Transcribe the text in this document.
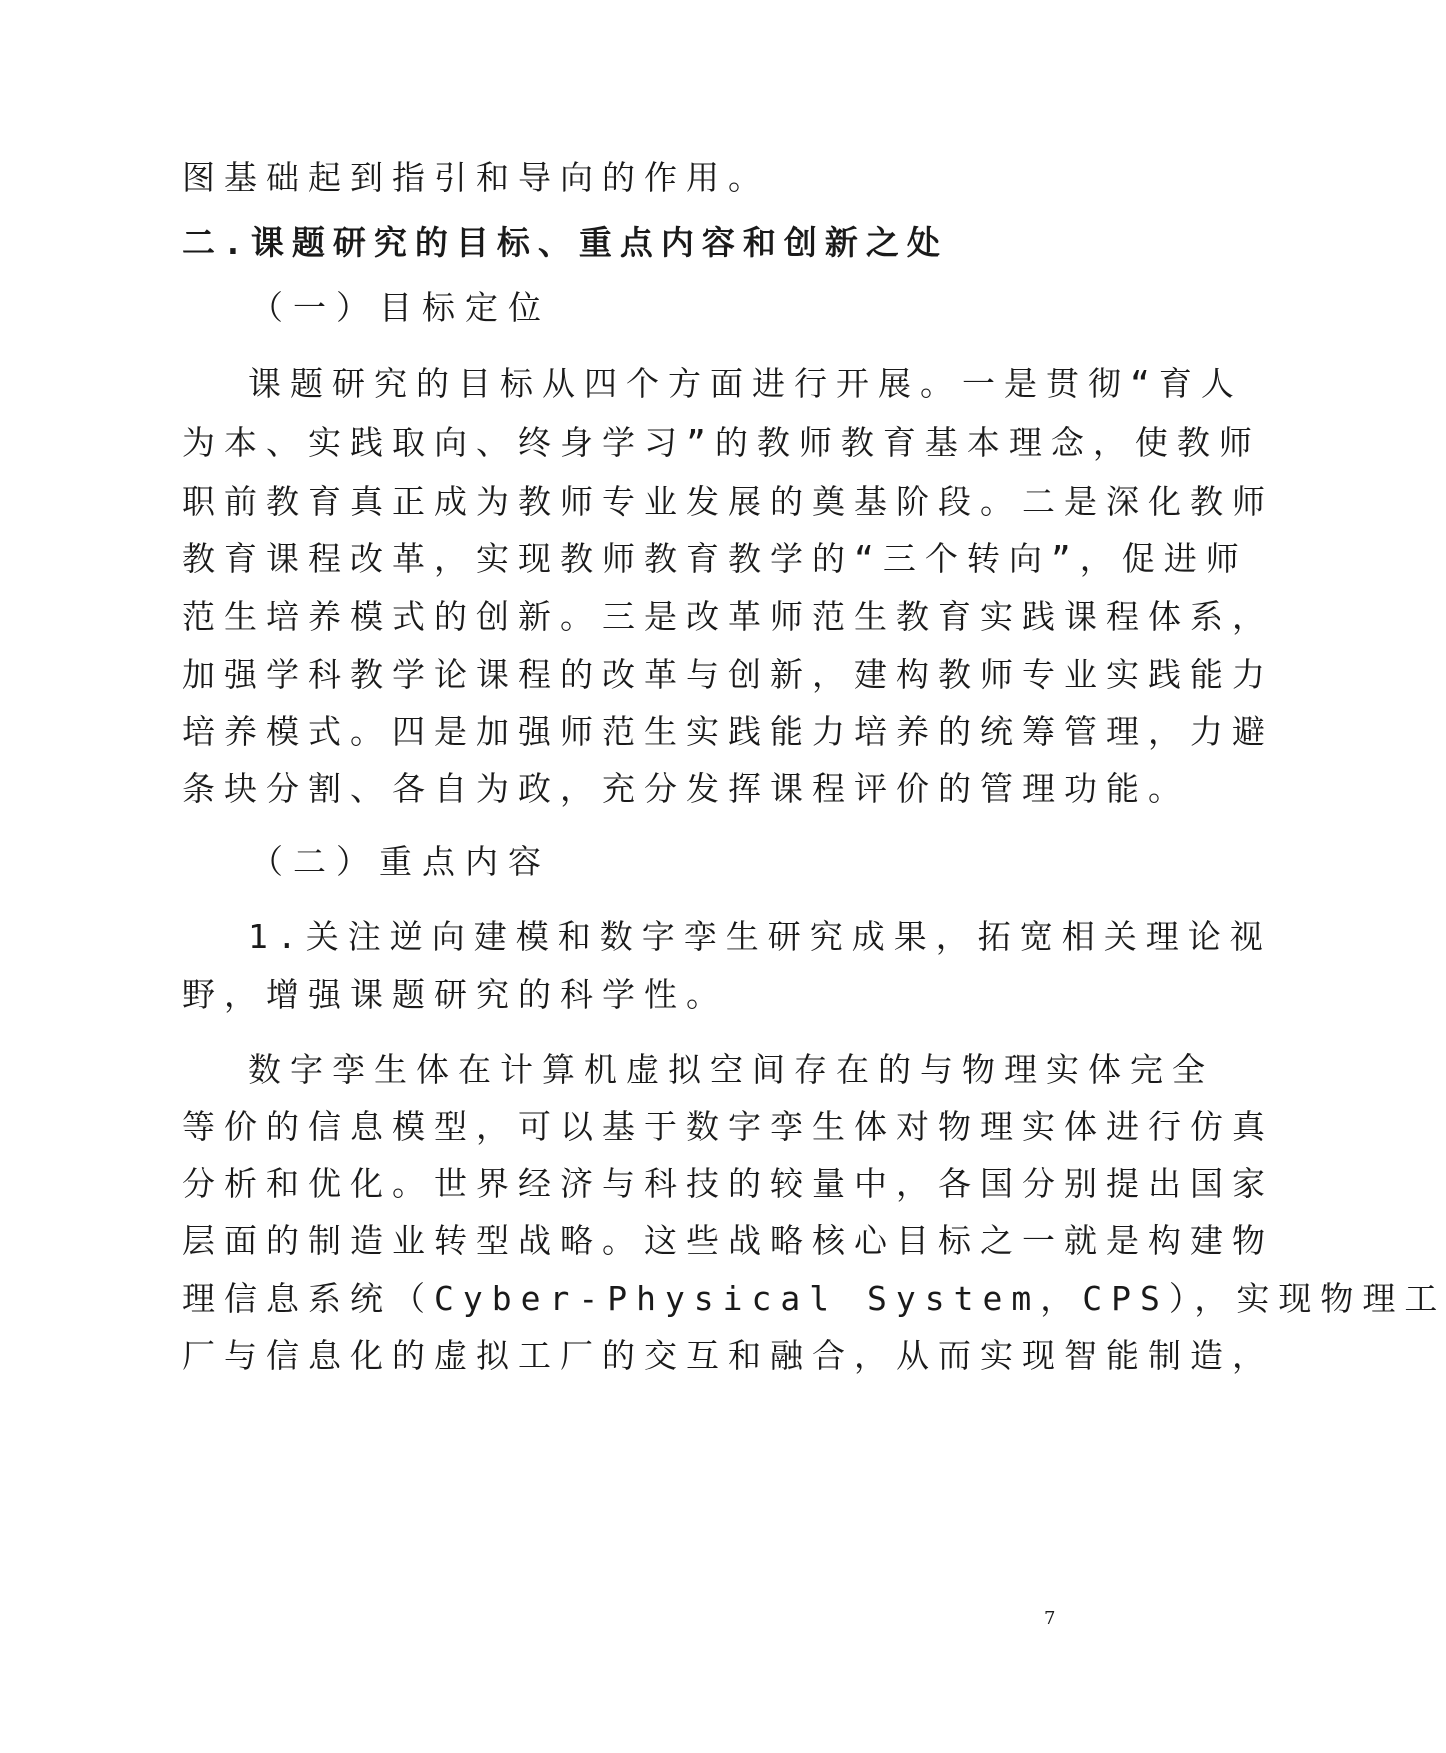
图基础起到指引和导向的作用。

二.课题研究的目标、重点内容和创新之处

（一）目标定位

课题研究的目标从四个方面进行开展。一是贯彻“育人

为本、实践取向、终身学习”的教师教育基本理念，使教师

职前教育真正成为教师专业发展的奠基阶段。二是深化教师

教育课程改革，实现教师教育教学的“三个转向”，促进师

范生培养模式的创新。三是改革师范生教育实践课程体系，

加强学科教学论课程的改革与创新，建构教师专业实践能力

培养模式。四是加强师范生实践能力培养的统筹管理，力避

条块分割、各自为政，充分发挥课程评价的管理功能。

（二）重点内容

1.关注逆向建模和数字孪生研究成果，拓宽相关理论视

野，增强课题研究的科学性。

数字孪生体在计算机虚拟空间存在的与物理实体完全

等价的信息模型，可以基于数字孪生体对物理实体进行仿真

分析和优化。世界经济与科技的较量中，各国分别提出国家

层面的制造业转型战略。这些战略核心目标之一就是构建物

理信息系统（Cyber-Physical System，CPS），实现物理工

厂与信息化的虚拟工厂的交互和融合，从而实现智能制造，

7
